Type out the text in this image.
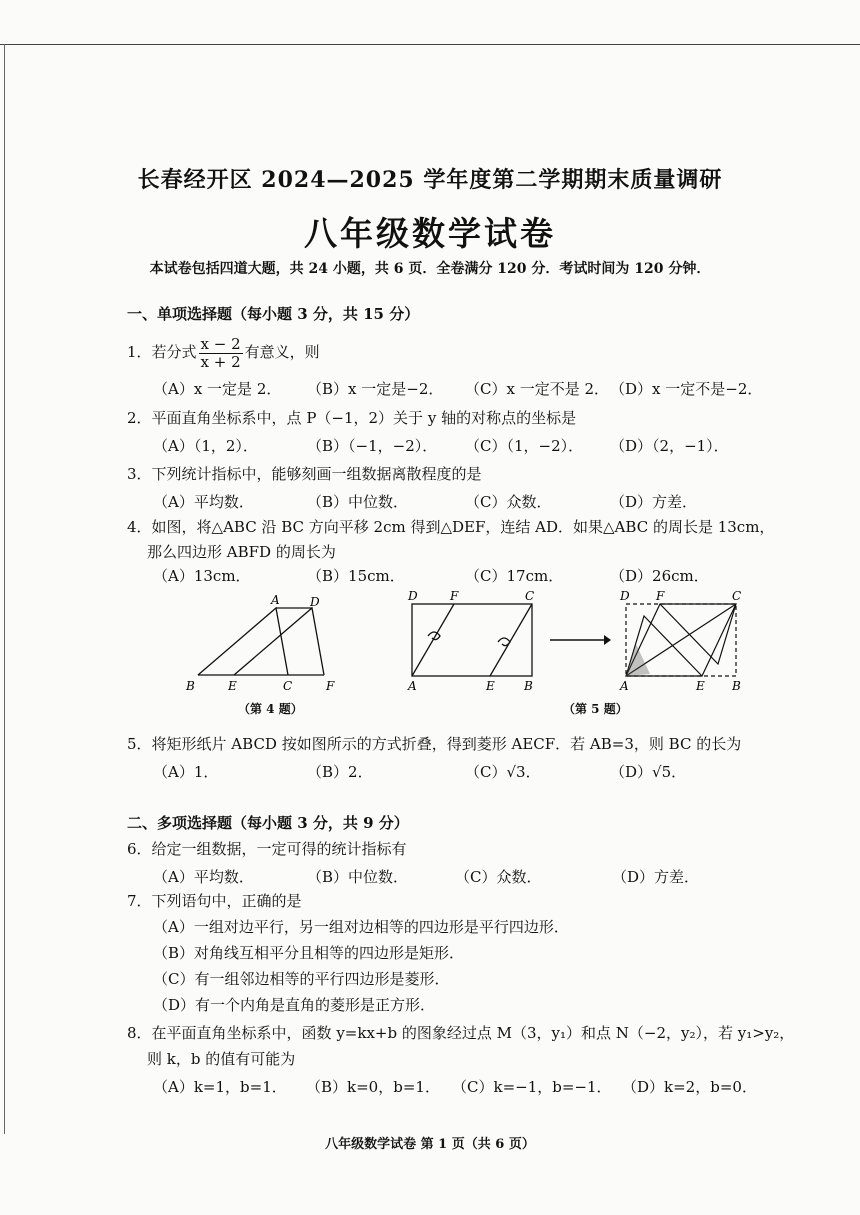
长春经开区 2024—2025 学年度第二学期期末质量调研
八年级数学试卷
本试卷包括四道大题，共 24 小题，共 6 页．全卷满分 120 分．考试时间为 120 分钟．
一、单项选择题（每小题 3 分，共 15 分）
1．若分式 $\frac{x - 2}{x + 2}$ 有意义，则
（A）x 一定是 2． （B）x 一定是−2． （C）x 一定不是 2． （D）x 一定不是−2．
2．平面直角坐标系中，点 P（−1，2）关于 y 轴的对称点的坐标是
（A）（1，2）．	（B）（−1，−2）． （C）（1，−2）． （D）（2，−1）．
3．下列统计指标中，能够刻画一组数据离散程度的是
（A）平均数．	（B）中位数．	（C）众数．	（D）方差．
4．如图，将△ABC 沿 BC 方向平移 2cm 得到△DEF，连结 AD．如果△ABC 的周长是 13cm，
那么四边形 ABFD 的周长为
（A）13cm．	（B）15cm．	（C）17cm．	（D）26cm．
A	D
B	E	C	F
D	F	C
A	E B
D F	C
A	E B
（第 4 题）	（第 5 题）
5．将矩形纸片 ABCD 按如图所示的方式折叠，得到菱形 AECF．若 AB=3，则 BC 的长为
（A）1．	（B）2．	（C）√3．	（D）√5．
二、多项选择题（每小题 3 分，共 9 分）
6．给定一组数据，一定可得的统计指标有
（A）平均数．	（B）中位数．	（C）众数．	（D）方差．
7．下列语句中，正确的是
（A）一组对边平行，另一组对边相等的四边形是平行四边形．
（B）对角线互相平分且相等的四边形是矩形．
（C）有一组邻边相等的平行四边形是菱形．
（D）有一个内角是直角的菱形是正方形．
8．在平面直角坐标系中，函数 y=kx+b 的图象经过点 M（3，y₁）和点 N（−2，y₂），若 y₁>y₂，
则 k，b 的值有可能为
（A）k=1，b=1． （B）k=0，b=1． （C）k=−1，b=−1． （D）k=2，b=0．
八年级数学试卷 第 1 页（共 6 页）
